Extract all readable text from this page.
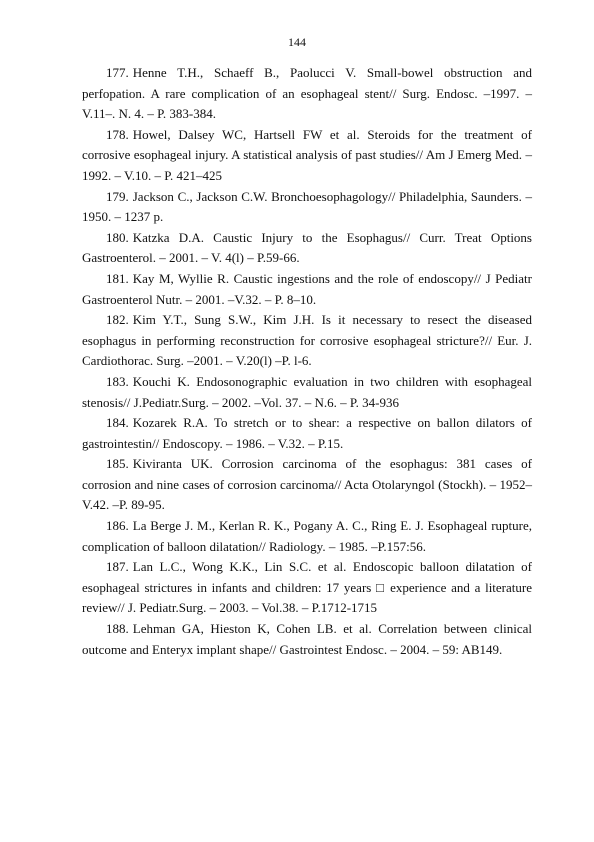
144

177. Henne T.H., Schaeff B., Paolucci V. Small-bowel obstruction and perfopation. A rare complication of an esophageal stent// Surg. Endosc. –1997. – V.11–. N. 4. – P. 383-384.

178. Howel, Dalsey WC, Hartsell FW et al. Steroids for the treatment of corrosive esophageal injury. A statistical analysis of past studies// Am J Emerg Med. –1992. – V.10. – P. 421–425

179. Jackson C., Jackson C.W. Bronchoesophagology// Philadelphia, Saunders. – 1950. – 1237 p.

180. Katzka D.A. Caustic Injury to the Esophagus// Curr. Treat Options Gastroenterol. – 2001. – V. 4(l) – P.59-66.

181. Kay M, Wyllie R. Caustic ingestions and the role of endoscopy// J Pediatr Gastroenterol Nutr. – 2001. –V.32. – P. 8–10.

182. Kim Y.T., Sung S.W., Kim J.H. Is it necessary to resect the diseased esophagus in performing reconstruction for corrosive esophageal stricture?// Eur. J. Cardiothorac. Surg. –2001. – V.20(l) –P. l-6.

183. Kouchi K. Endosonographic evaluation in two children with esophageal stenosis// J.Pediatr.Surg. – 2002. –Vol. 37. – N.6. – P. 34-936

184. Kozarek R.A. To stretch or to shear: a respective on ballon dilators of gastrointestin// Endoscopy. – 1986. – V.32. – P.15.

185. Kiviranta UK. Corrosion carcinoma of the esophagus: 381 cases of corrosion and nine cases of corrosion carcinoma// Acta Otolaryngol (Stockh). – 1952–V.42. –P. 89-95.

186. La Berge J. M., Kerlan R. K., Pogany A. C., Ring E. J. Esophageal rupture, complication of balloon dilatation// Radiology. – 1985. –P.157:56.

187. Lan L.C., Wong K.K., Lin S.C. et al. Endoscopic balloon dilatation of esophageal strictures in infants and children: 17 years □ experience and a literature review// J. Pediatr.Surg. – 2003. – Vol.38. – P.1712-1715

188. Lehman GA, Hieston K, Cohen LB. et al. Correlation between clinical outcome and Enteryx implant shape// Gastrointest Endosc. – 2004. – 59: AB149.
